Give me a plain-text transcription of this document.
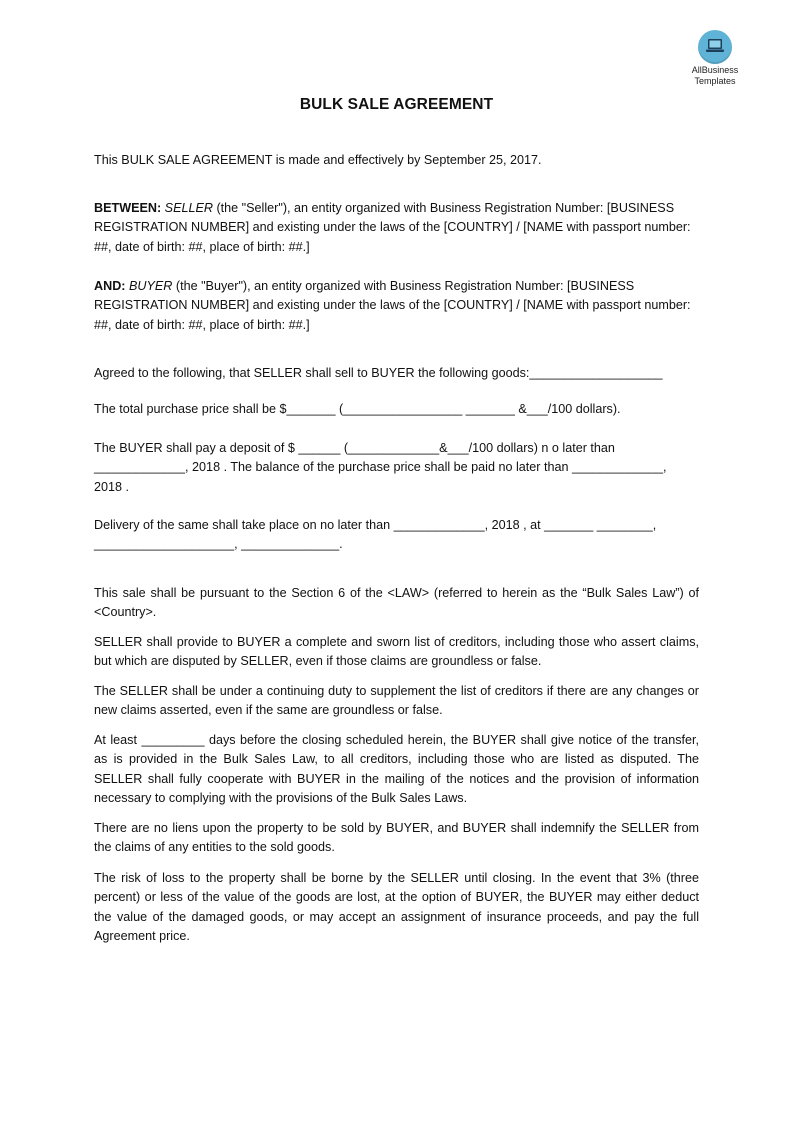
AllBusiness
Templates
BULK SALE AGREEMENT

This BULK SALE AGREEMENT is made and effectively by September 25, 2017.

BETWEEN: SELLER (the "Seller"), an entity organized with Business Registration Number: [BUSINESS REGISTRATION NUMBER] and existing under the laws of the [COUNTRY] / [NAME with passport number: ##, date of birth: ##, place of birth: ##.]

AND: BUYER (the "Buyer"), an entity organized with Business Registration Number: [BUSINESS REGISTRATION NUMBER] and existing under the laws of the [COUNTRY] / [NAME with passport number: ##, date of birth: ##, place of birth: ##.]

Agreed to the following, that SELLER shall sell to BUYER the following goods:___________________

The total purchase price shall be $_______ (_________________ _______ &___/100 dollars).

The BUYER shall pay a deposit of $ ______ (_____________&___/100 dollars) n o later than
_____________, 2018 . The balance of the purchase price shall be paid no later than _____________,
2018 .
Delivery of the same shall take place on no later than _____________, 2018 , at _______ ________,
____________________, ______________.

This sale shall be pursuant to the Section 6 of the <LAW> (referred to herein as the “Bulk Sales Law”) of <Country>.

SELLER shall provide to BUYER a complete and sworn list of creditors, including those who assert claims, but which are disputed by SELLER, even if those claims are groundless or false.

The SELLER shall be under a continuing duty to supplement the list of creditors if there are any changes or new claims asserted, even if the same are groundless or false.

At least _________ days before the closing scheduled herein, the BUYER shall give notice of the transfer, as is provided in the Bulk Sales Law, to all creditors, including those who are listed as disputed. The SELLER shall fully cooperate with BUYER in the mailing of the notices and the provision of information necessary to complying with the provisions of the Bulk Sales Laws.

There are no liens upon the property to be sold by BUYER, and BUYER shall indemnify the SELLER from the claims of any entities to the sold goods.

The risk of loss to the property shall be borne by the SELLER until closing. In the event that 3% (three percent) or less of the value of the goods are lost, at the option of BUYER, the BUYER may either deduct the value of the damaged goods, or may accept an assignment of insurance proceeds, and pay the full Agreement price.
